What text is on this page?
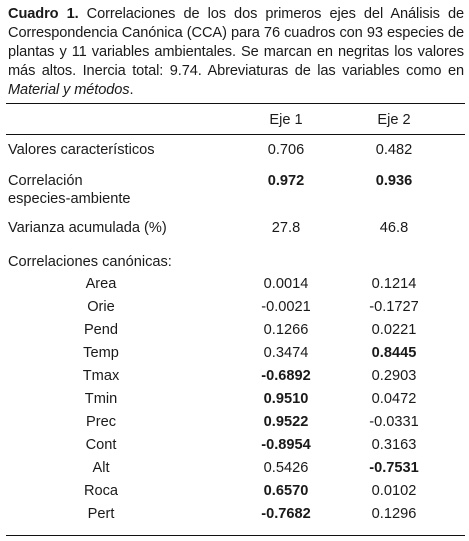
Cuadro 1. Correlaciones de los dos primeros ejes del Análisis de Correspondencia Canónica (CCA) para 76 cuadros con 93 especies de plantas y 11 variables ambientales. Se marcan en negritas los valores más altos. Inercia total: 9.74. Abreviaturas de las variables como en Material y métodos.
Eje 1	Eje 2
Valores característicos	0.706	0.482
Correlación
especies-ambiente
0.972	0.936
Varianza acumulada (%)	27.8	46.8
Correlaciones canónicas:
Area	0.0014	0.1214
Orie	-0.0021	-0.1727
Pend	0.1266	0.0221
Temp	0.3474	0.8445
Tmax	-0.6892	0.2903
Tmin	0.9510	0.0472
Prec	0.9522	-0.0331
Cont	-0.8954	0.3163
Alt	0.5426	-0.7531
Roca	0.6570	0.0102
Pert	-0.7682	0.1296
